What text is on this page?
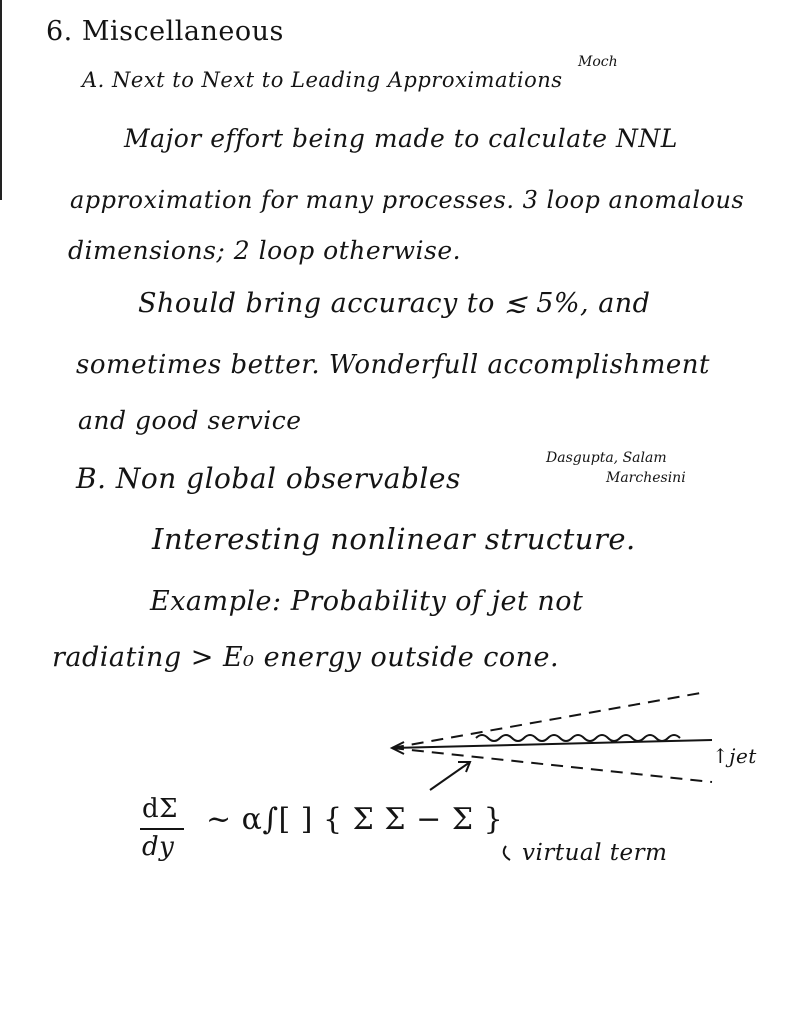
6. Miscellaneous
A. Next to Next to Leading Approximations
Moch
Major effort being made to calculate NNL
approximation for many processes. 3 loop anomalous
dimensions; 2 loop otherwise.
Should bring accuracy to ≲ 5%, and
sometimes better. Wonderfull accomplishment
and good service
B. Non global observables
Dasgupta, Salam
Marchesini
Interesting nonlinear structure.
Example: Probability of jet not
radiating > E₀ energy outside cone.
↑jet
dΣ
dy
~ α∫[ ] { Σ Σ − Σ }
virtual term
